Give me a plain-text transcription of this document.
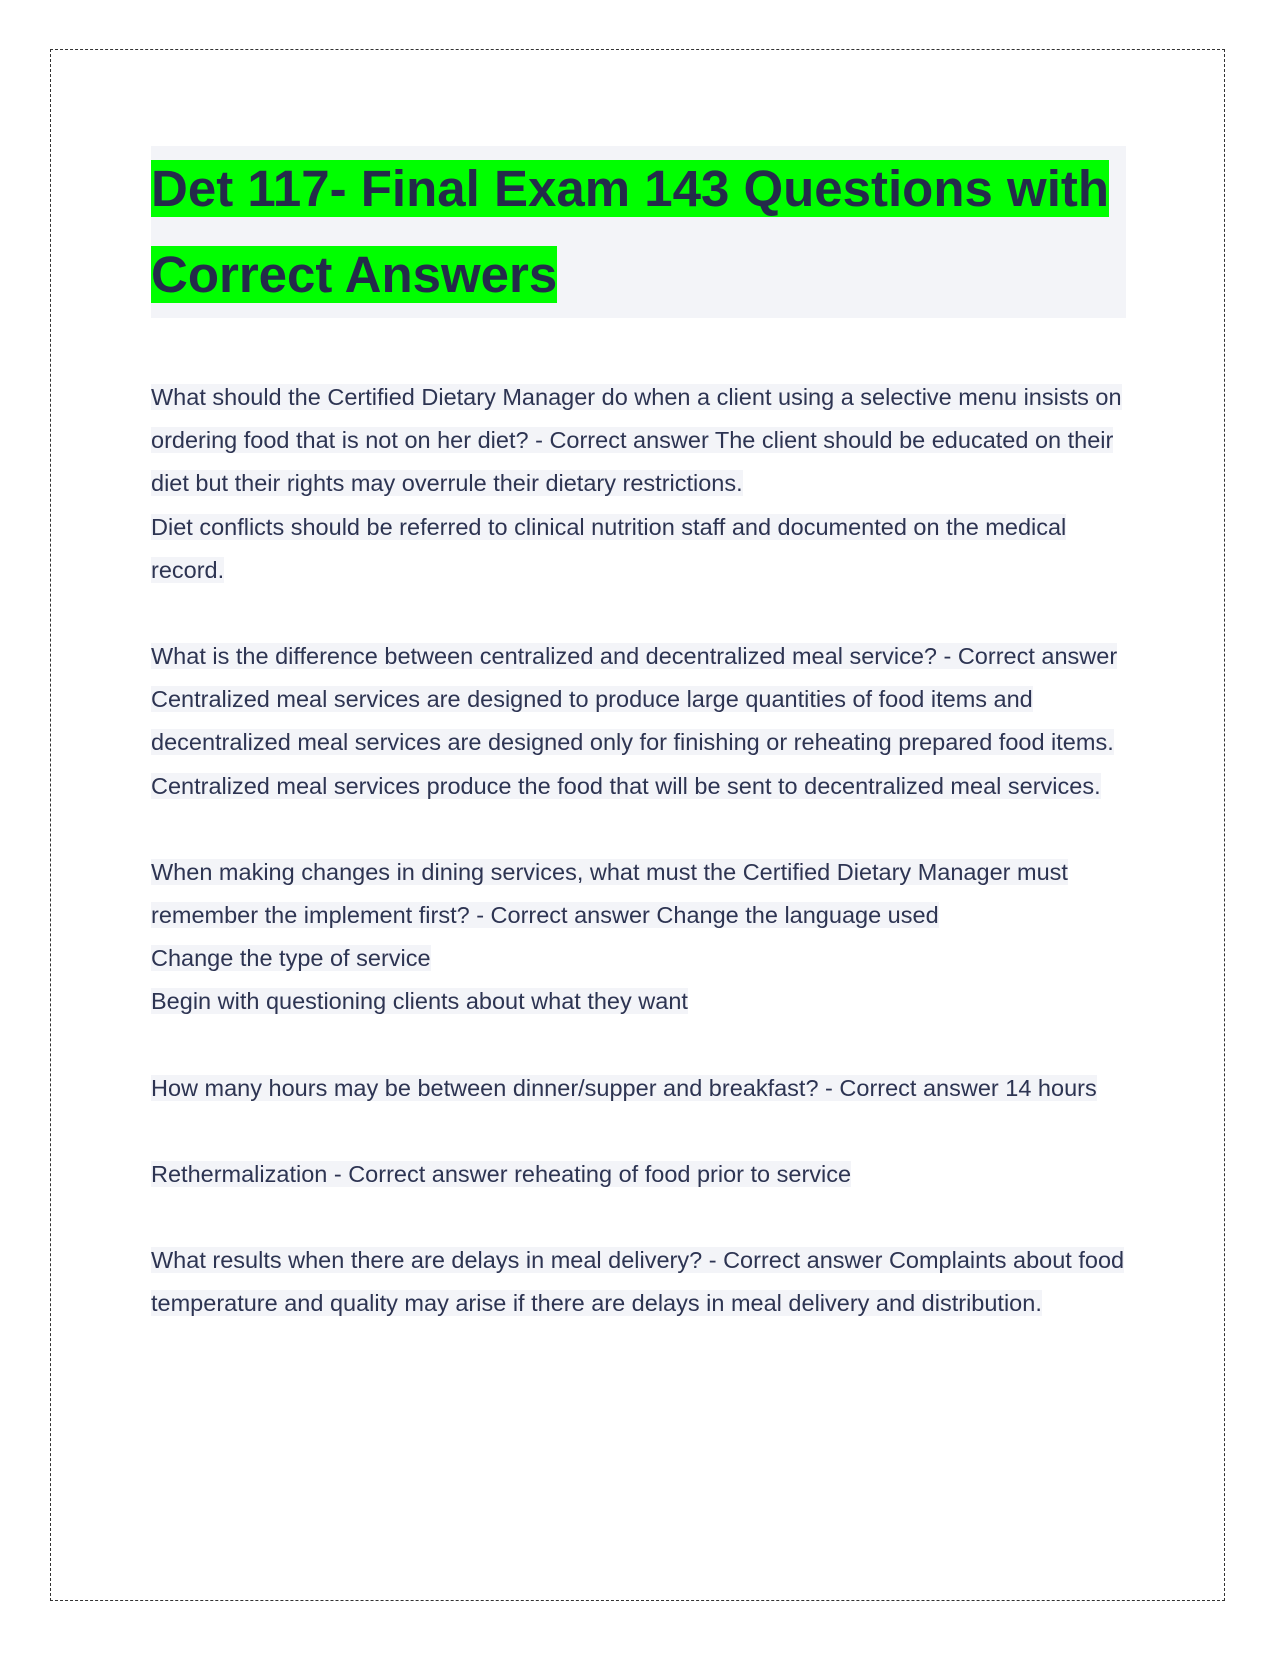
Det 117- Final Exam 143 Questions with Correct Answers
What should the Certified Dietary Manager do when a client using a selective menu insists on ordering food that is not on her diet? - Correct answer The client should be educated on their diet but their rights may overrule their dietary restrictions.
Diet conflicts should be referred to clinical nutrition staff and documented on the medical record.
What is the difference between centralized and decentralized meal service? - Correct answer Centralized meal services are designed to produce large quantities of food items and decentralized meal services are designed only for finishing or reheating prepared food items.
Centralized meal services produce the food that will be sent to decentralized meal services.
When making changes in dining services, what must the Certified Dietary Manager must remember the implement first? - Correct answer Change the language used
Change the type of service
Begin with questioning clients about what they want
How many hours may be between dinner/supper and breakfast? - Correct answer 14 hours
Rethermalization - Correct answer reheating of food prior to service
What results when there are delays in meal delivery? - Correct answer Complaints about food temperature and quality may arise if there are delays in meal delivery and distribution.
